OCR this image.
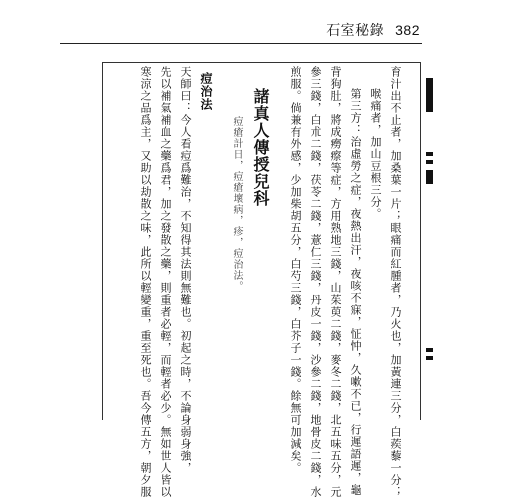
石室秘錄 382
育汁出不止者，加桑葉一片；眼痛而紅腫者，乃火也，加黃連三分，白蒺藜一分；
喉痛者，加山豆根三分。
第三方：治虛勞之症，夜熱出汗，夜咳不寐，怔忡，久嗽不已，行遲語遲，龜
背狗肚，將成癆瘵等症，方用熟地三錢，山茱萸二錢，麥冬二錢，北五味五分，元
參三錢，白朮二錢，茯苓二錢，薏仁三錢，丹皮一錢，沙參二錢，地骨皮二錢，水
煎服。倘兼有外感，少加柴胡五分，白芍三錢，白芥子一錢。餘無可加減矣。
諸真人傳授兒科
痘瘡計日，痘瘡壞病，疹，痘治法。
痘治法
天師曰：今人看痘爲難治，不知得其法則無難也。初起之時，不論身弱身強，
先以補氣補血之藥爲君，加之發散之藥，則重者必輕，而輕者必少。無如世人皆以
寒涼之品爲主，又助以劫散之味，此所以輕變重，重至死也。吾今傳五方，朝夕服
